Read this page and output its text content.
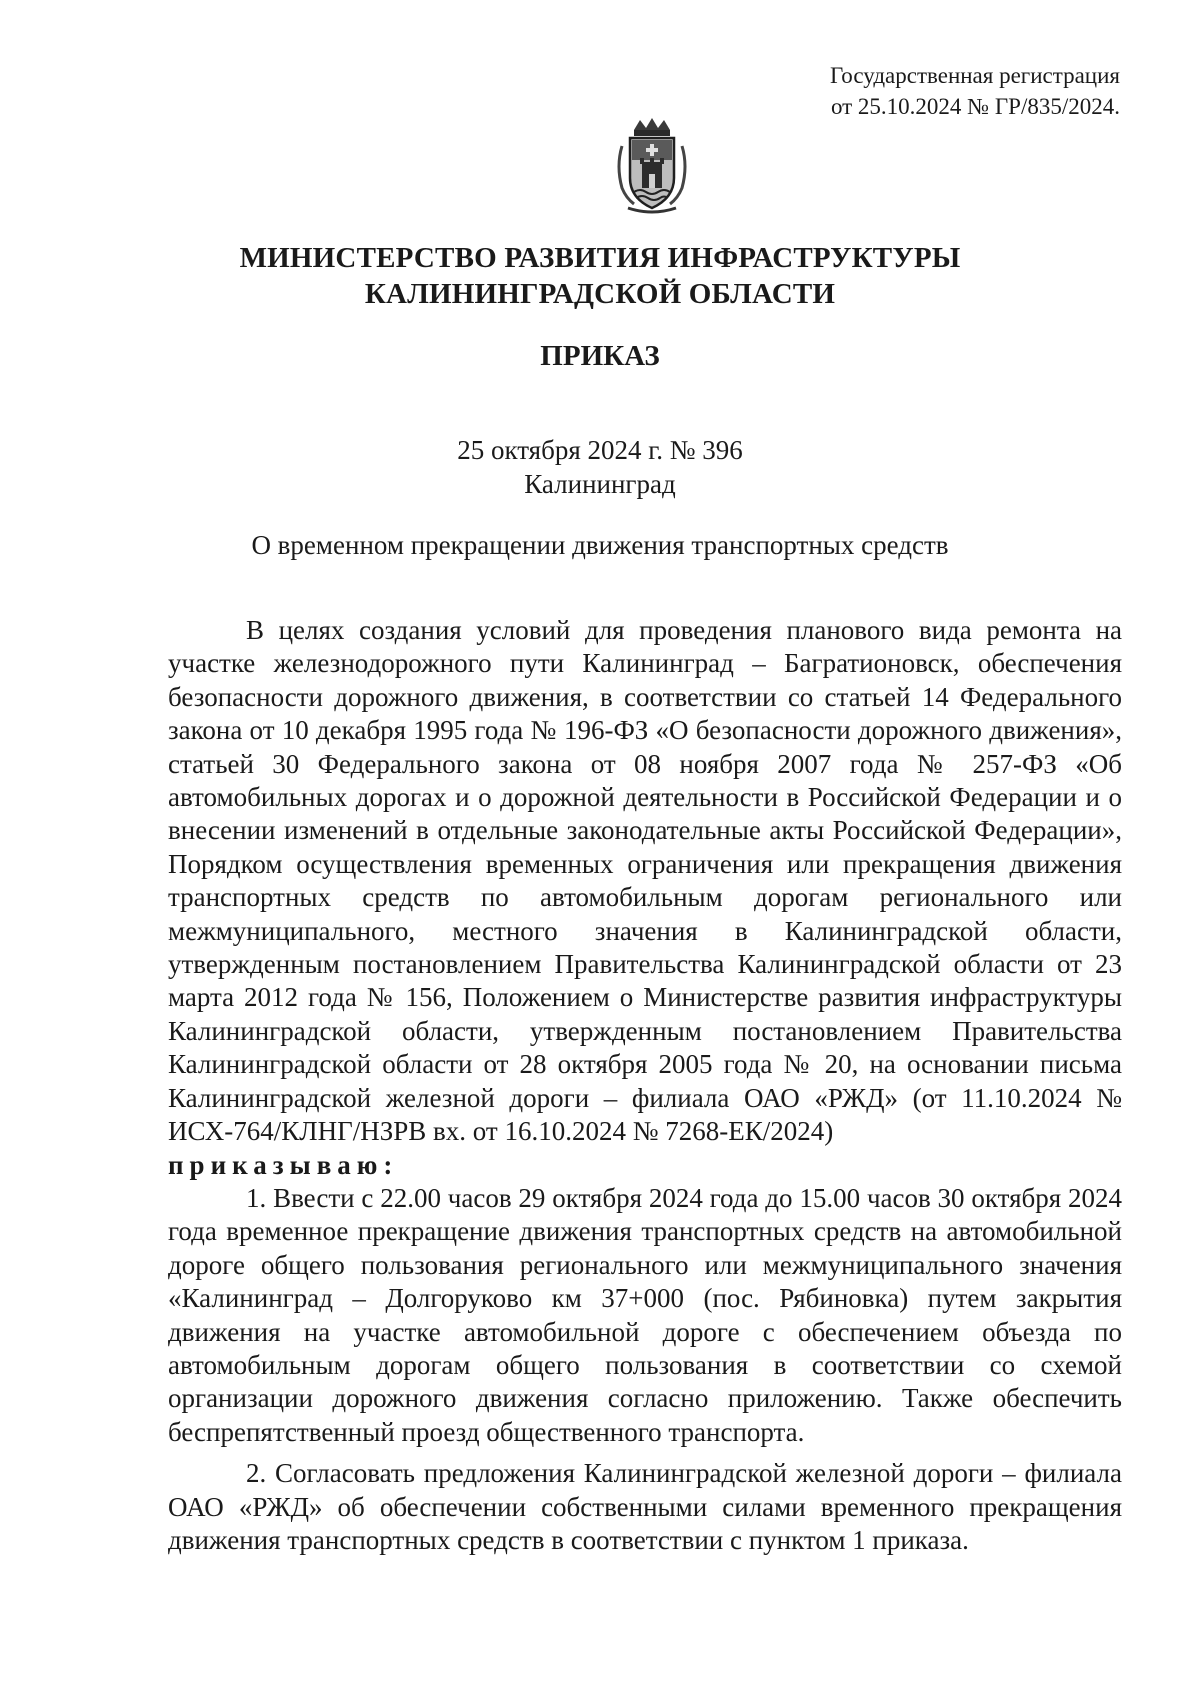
Государственная регистрация
от 25.10.2024 № ГР/835/2024.
МИНИСТЕРСТВО РАЗВИТИЯ ИНФРАСТРУКТУРЫ
КАЛИНИНГРАДСКОЙ ОБЛАСТИ
ПРИКАЗ
25 октября 2024 г. № 396
Калининград
О временном прекращении движения транспортных средств

В целях создания условий для проведения планового вида ремонта на участке железнодорожного пути Калининград – Багратионовск, обеспечения безопасности дорожного движения, в соответствии со статьей 14 Федерального закона от 10 декабря 1995 года № 196-ФЗ «О безопасности дорожного движения», статьей 30 Федерального закона от 08 ноября 2007 года № 257-ФЗ «Об автомобильных дорогах и о дорожной деятельности в Российской Федерации и о внесении изменений в отдельные законодательные акты Российской Федерации», Порядком осуществления временных ограничения или прекращения движения транспортных средств по автомобильным дорогам регионального или межмуниципального, местного значения в Калининградской области, утвержденным постановлением Правительства Калининградской области от 23 марта 2012 года № 156, Положением о Министерстве развития инфраструктуры Калининградской области, утвержденным постановлением Правительства Калининградской области от 28 октября 2005 года № 20, на основании письма Калининградской железной дороги – филиала ОАО «РЖД» (от 11.10.2024 № ИСХ-764/КЛНГ/НЗРВ вх. от 16.10.2024 № 7268-ЕК/2024)

приказываю:

1. Ввести с 22.00 часов 29 октября 2024 года до 15.00 часов 30 октября 2024 года временное прекращение движения транспортных средств на автомобильной дороге общего пользования регионального или межмуниципального значения «Калининград – Долгоруково км 37+000 (пос. Рябиновка) путем закрытия движения на участке автомобильной дороге с обеспечением объезда по автомобильным дорогам общего пользования в соответствии со схемой организации дорожного движения согласно приложению. Также обеспечить беспрепятственный проезд общественного транспорта.

2. Согласовать предложения Калининградской железной дороги – филиала ОАО «РЖД» об обеспечении собственными силами временного прекращения движения транспортных средств в соответствии с пунктом 1 приказа.
